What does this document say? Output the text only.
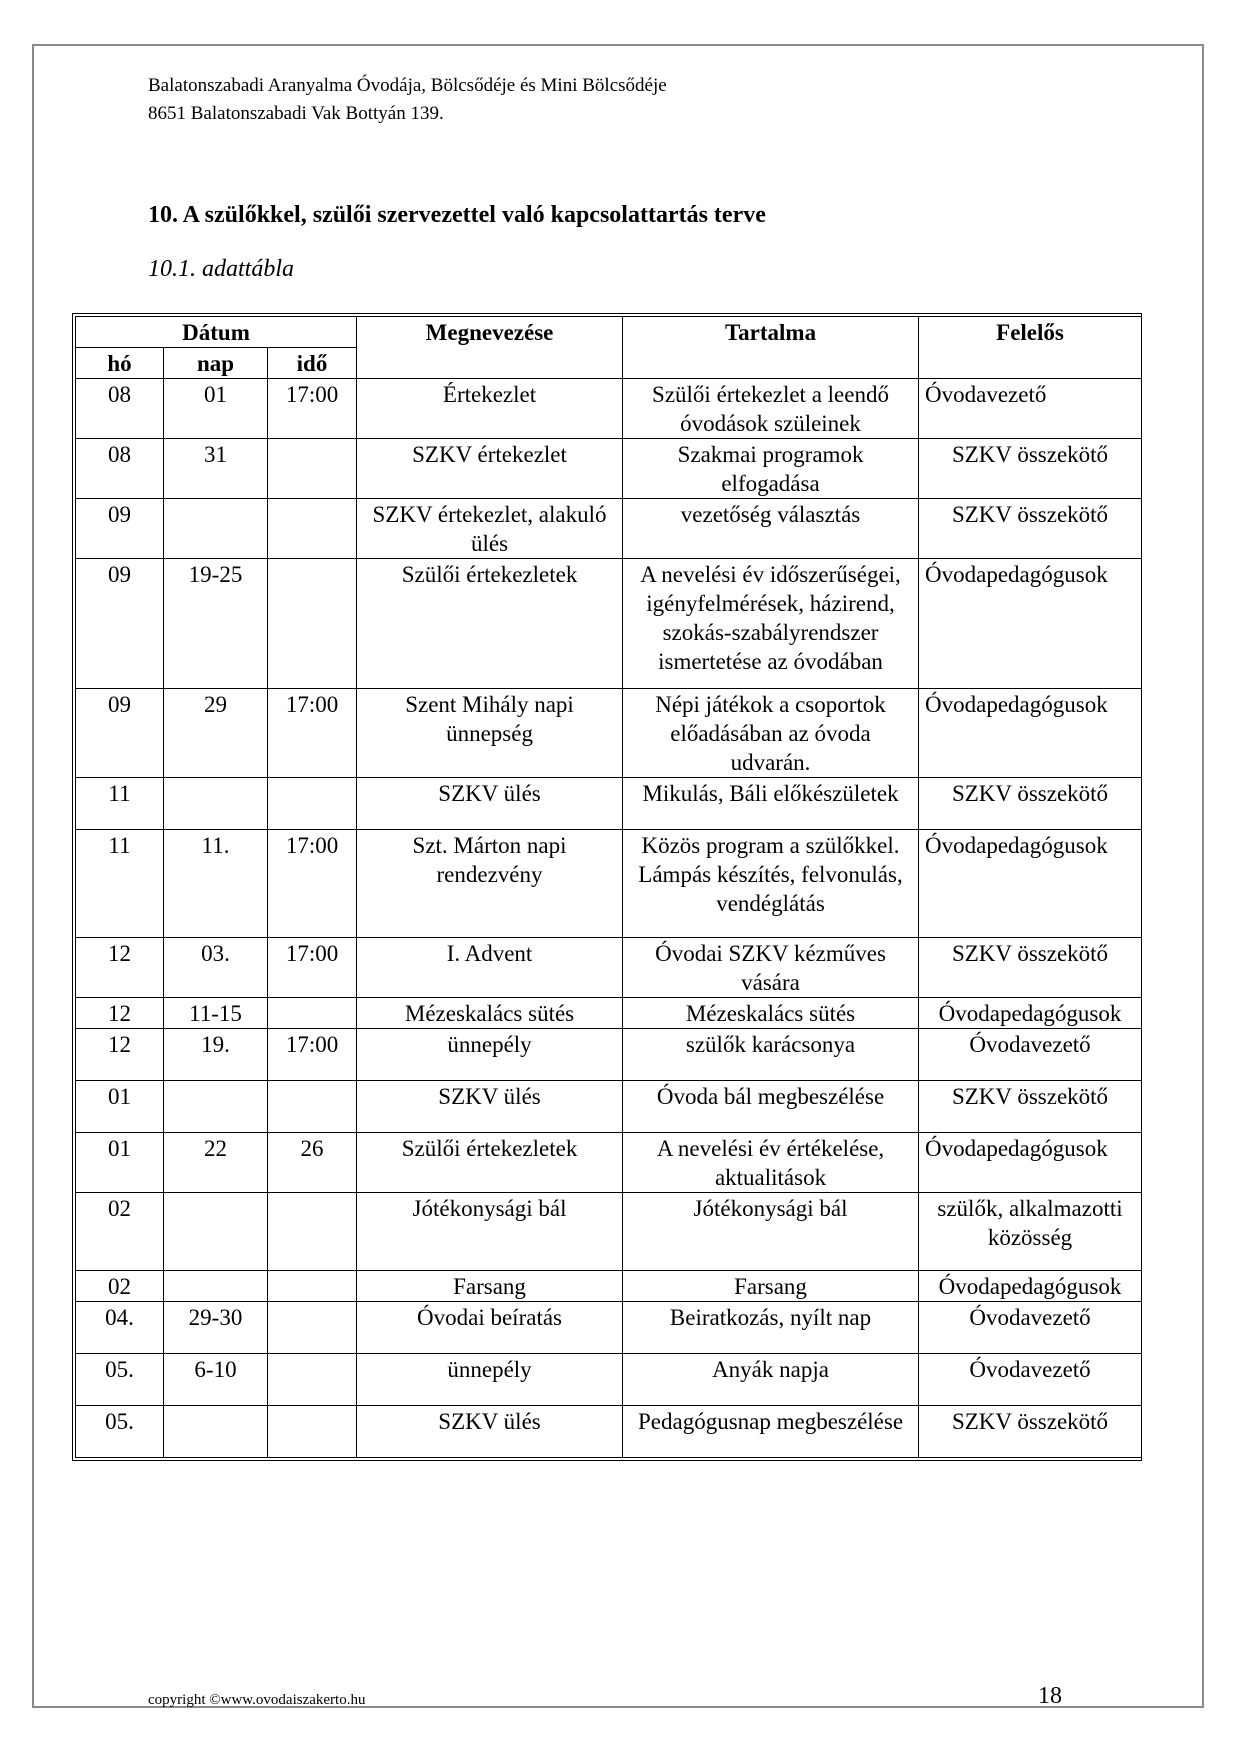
Balatonszabadi Aranyalma Óvodája, Bölcsődéje és Mini Bölcsődéje
8651 Balatonszabadi Vak Bottyán 139.
10. A szülőkkel, szülői szervezettel való kapcsolattartás terve
10.1. adattábla
Dátum			Megnevezése	Tartalma	Felelős
hó	nap	idő			
08	01	17:00	Értekezlet	Szülői értekezlet a leendő óvodások szüleinek	Óvodavezető
08	31		SZKV értekezlet	Szakmai programok elfogadása	SZKV összekötő
09			SZKV értekezlet, alakuló ülés	vezetőség választás	SZKV összekötő
09	19-25		Szülői értekezletek	A nevelési év időszerűségei, igényfelmérések, házirend, szokás-szabályrendszer ismertetése az óvodában	Óvodapedagógusok
09	29	17:00	Szent Mihály napi ünnepség	Népi játékok a csoportok előadásában az óvoda udvarán.	Óvodapedagógusok
11			SZKV ülés	Mikulás, Báli előkészületek	SZKV összekötő
11	11.	17:00	Szt. Márton napi rendezvény	Közös program a szülőkkel. Lámpás készítés, felvonulás, vendéglátás	Óvodapedagógusok
12	03.	17:00	I. Advent	Óvodai SZKV kézműves vására	SZKV összekötő
12	11-15		Mézeskalács sütés	Mézeskalács sütés	Óvodapedagógusok
12	19.	17:00	ünnepély	szülők karácsonya	Óvodavezető
01			SZKV ülés	Óvoda bál megbeszélése	SZKV összekötő
01	22	26	Szülői értekezletek	A nevelési év értékelése, aktualitások	Óvodapedagógusok
02			Jótékonysági bál	Jótékonysági bál	szülők, alkalmazotti közösség
02			Farsang	Farsang	Óvodapedagógusok
04.	29-30		Óvodai beíratás	Beiratkozás, nyílt nap	Óvodavezető
05.	6-10		ünnepély	Anyák napja	Óvodavezető
05.			SZKV ülés	Pedagógusnap megbeszélése	SZKV összekötő
copyright ©www.ovodaiszakerto.hu	18
